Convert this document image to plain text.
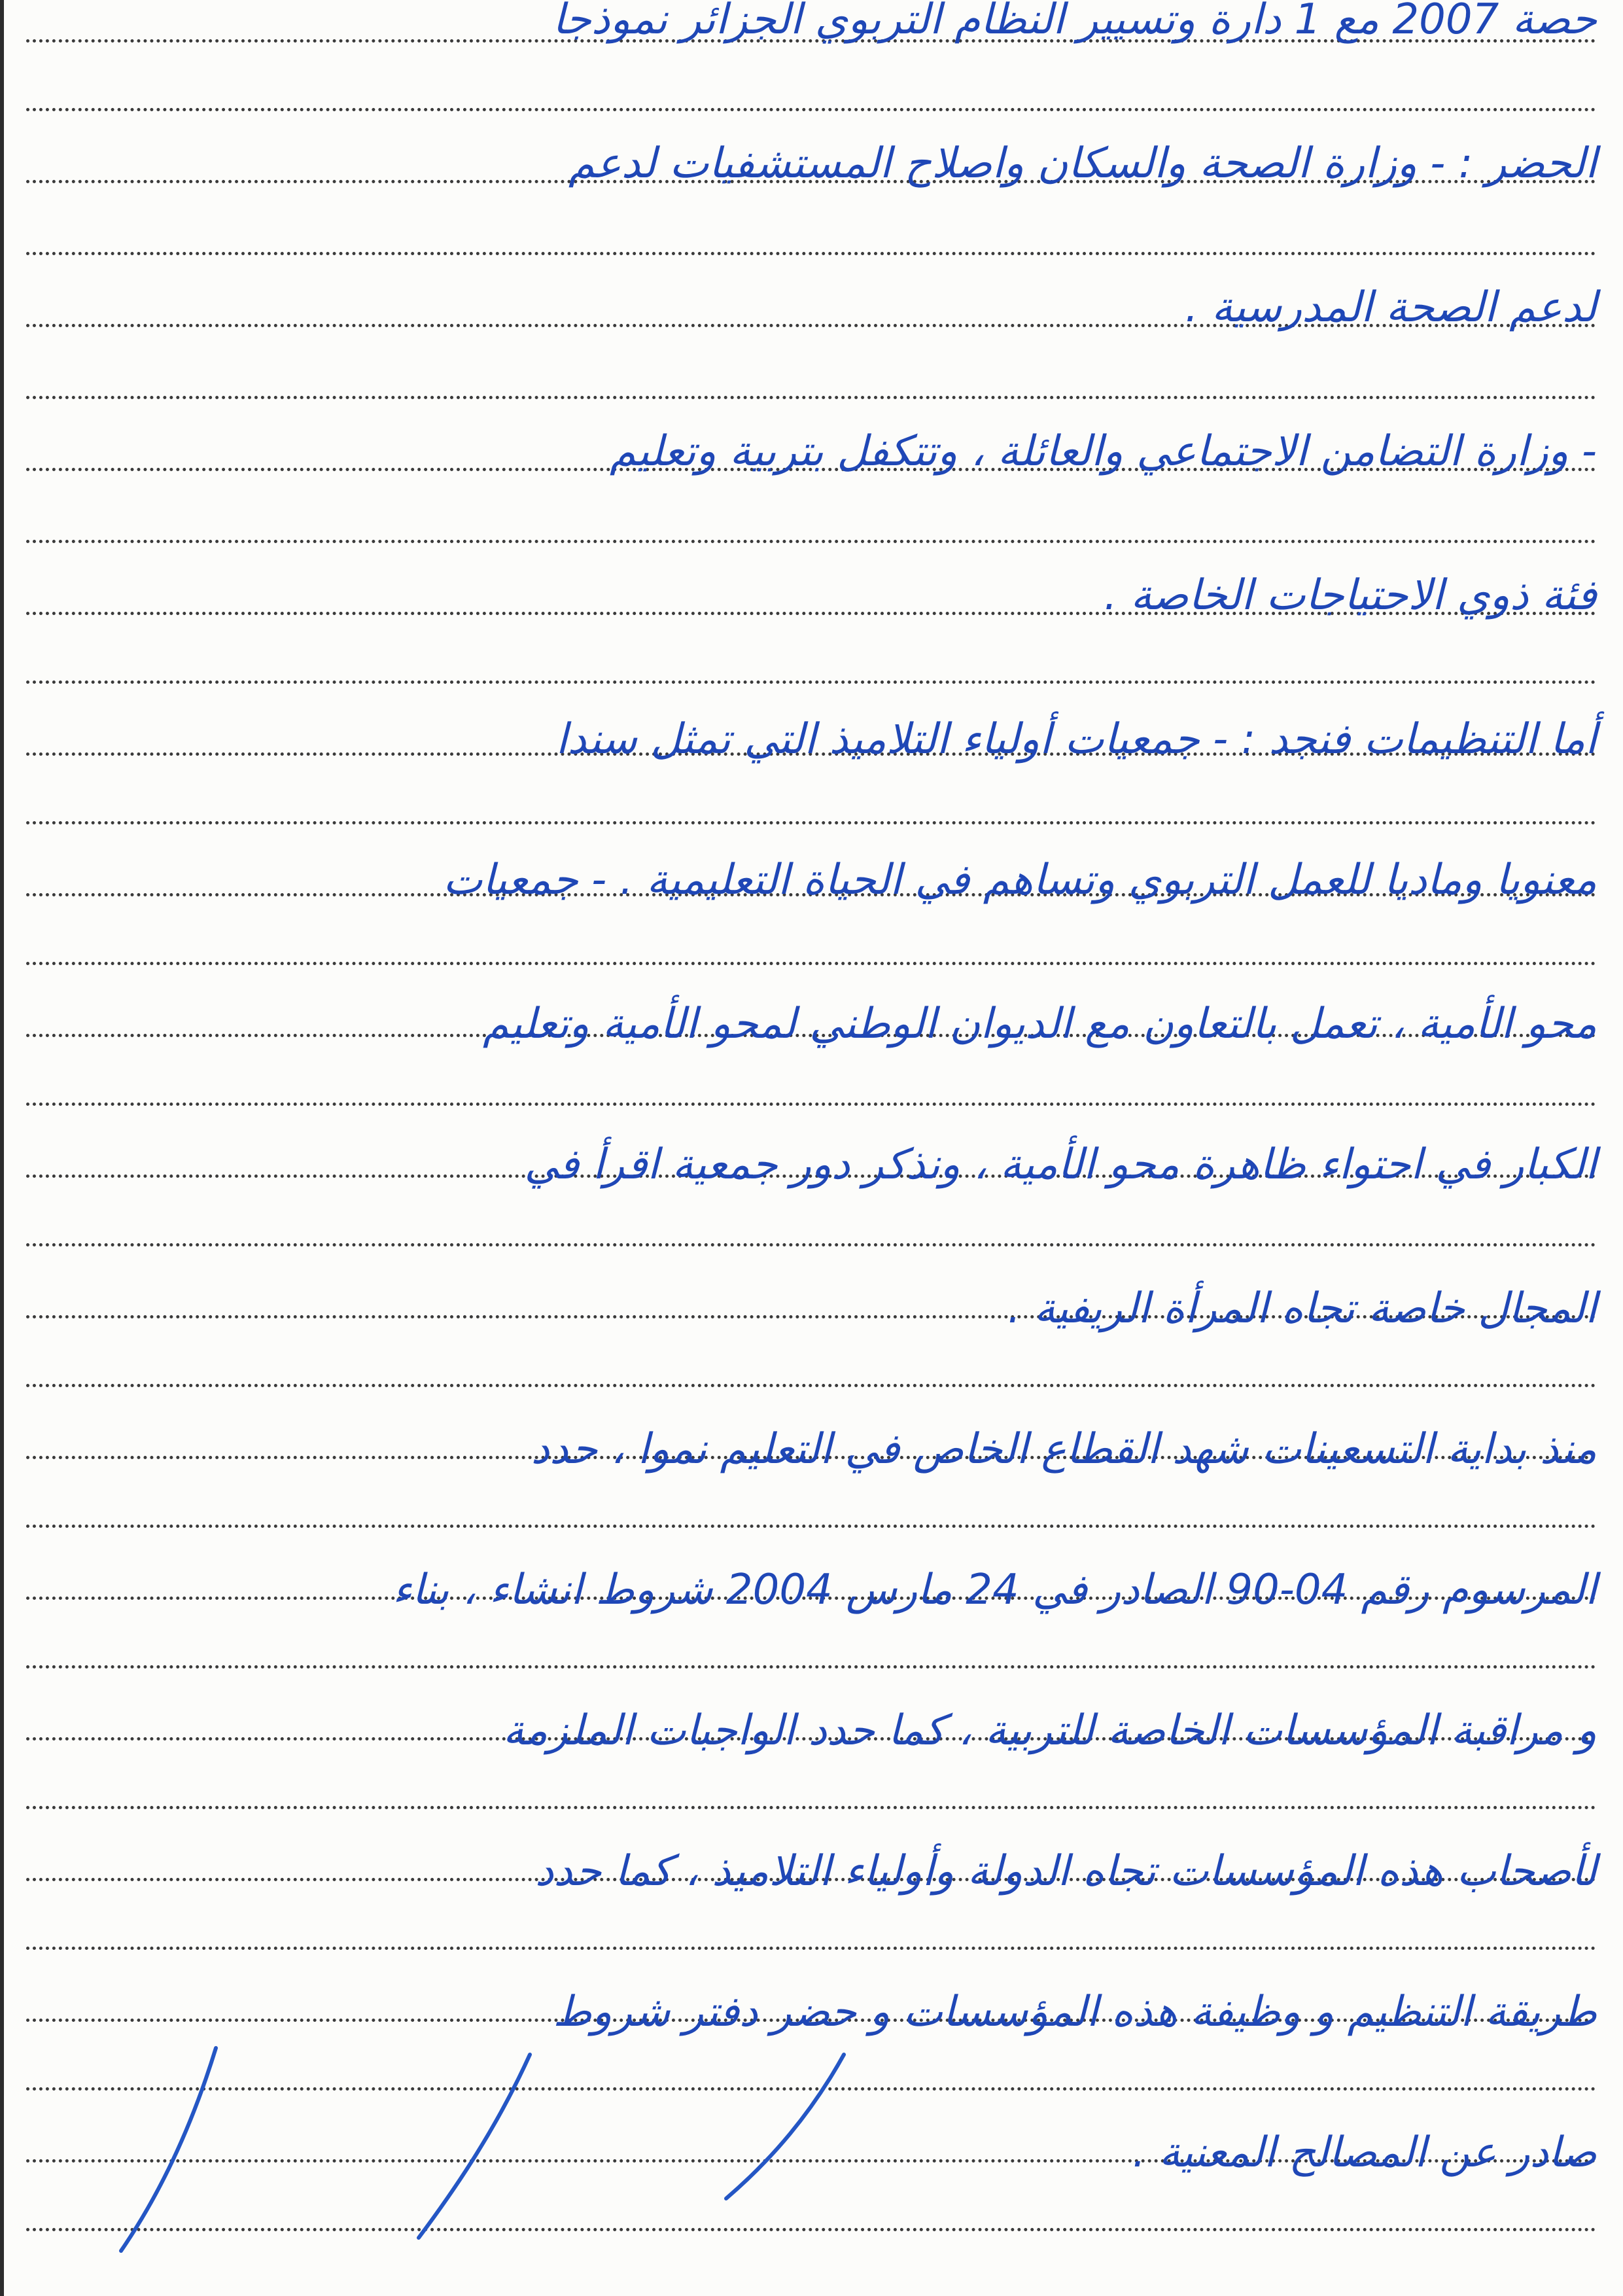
حصة 2007 مع 1 دارة وتسيير النظام التربوي الجزائر نموذجا
الحضر : - وزارة الصحة والسكان واصلاح المستشفيات لدعم
لدعم الصحة المدرسية .
- وزارة التضامن الاجتماعي والعائلة ، وتتكفل بتربية وتعليم
فئة ذوي الاحتياجات الخاصة .
أما التنظيمات فنجد : - جمعيات أولياء التلاميذ التي تمثل سندا
معنويا وماديا للعمل التربوي وتساهم في الحياة التعليمية . - جمعيات
محو الأمية ، تعمل بالتعاون مع الديوان الوطني لمحو الأمية وتعليم
الكبار في احتواء ظاهرة محو الأمية ، ونذكر دور جمعية اقرأ في
المجال خاصة تجاه المرأة الريفية .
منذ بداية التسعينات شهد القطاع الخاص في التعليم نموا ، حدد
المرسوم رقم 04-90 الصادر في 24 مارس 2004 شروط انشاء ، بناء
و مراقبة المؤسسات الخاصة للتربية ، كما حدد الواجبات الملزمة
لأصحاب هذه المؤسسات تجاه الدولة وأولياء التلاميذ ، كما حدد
طريقة التنظيم و وظيفة هذه المؤسسات و حضر دفتر شروط
صادر عن المصالح المعنية .
